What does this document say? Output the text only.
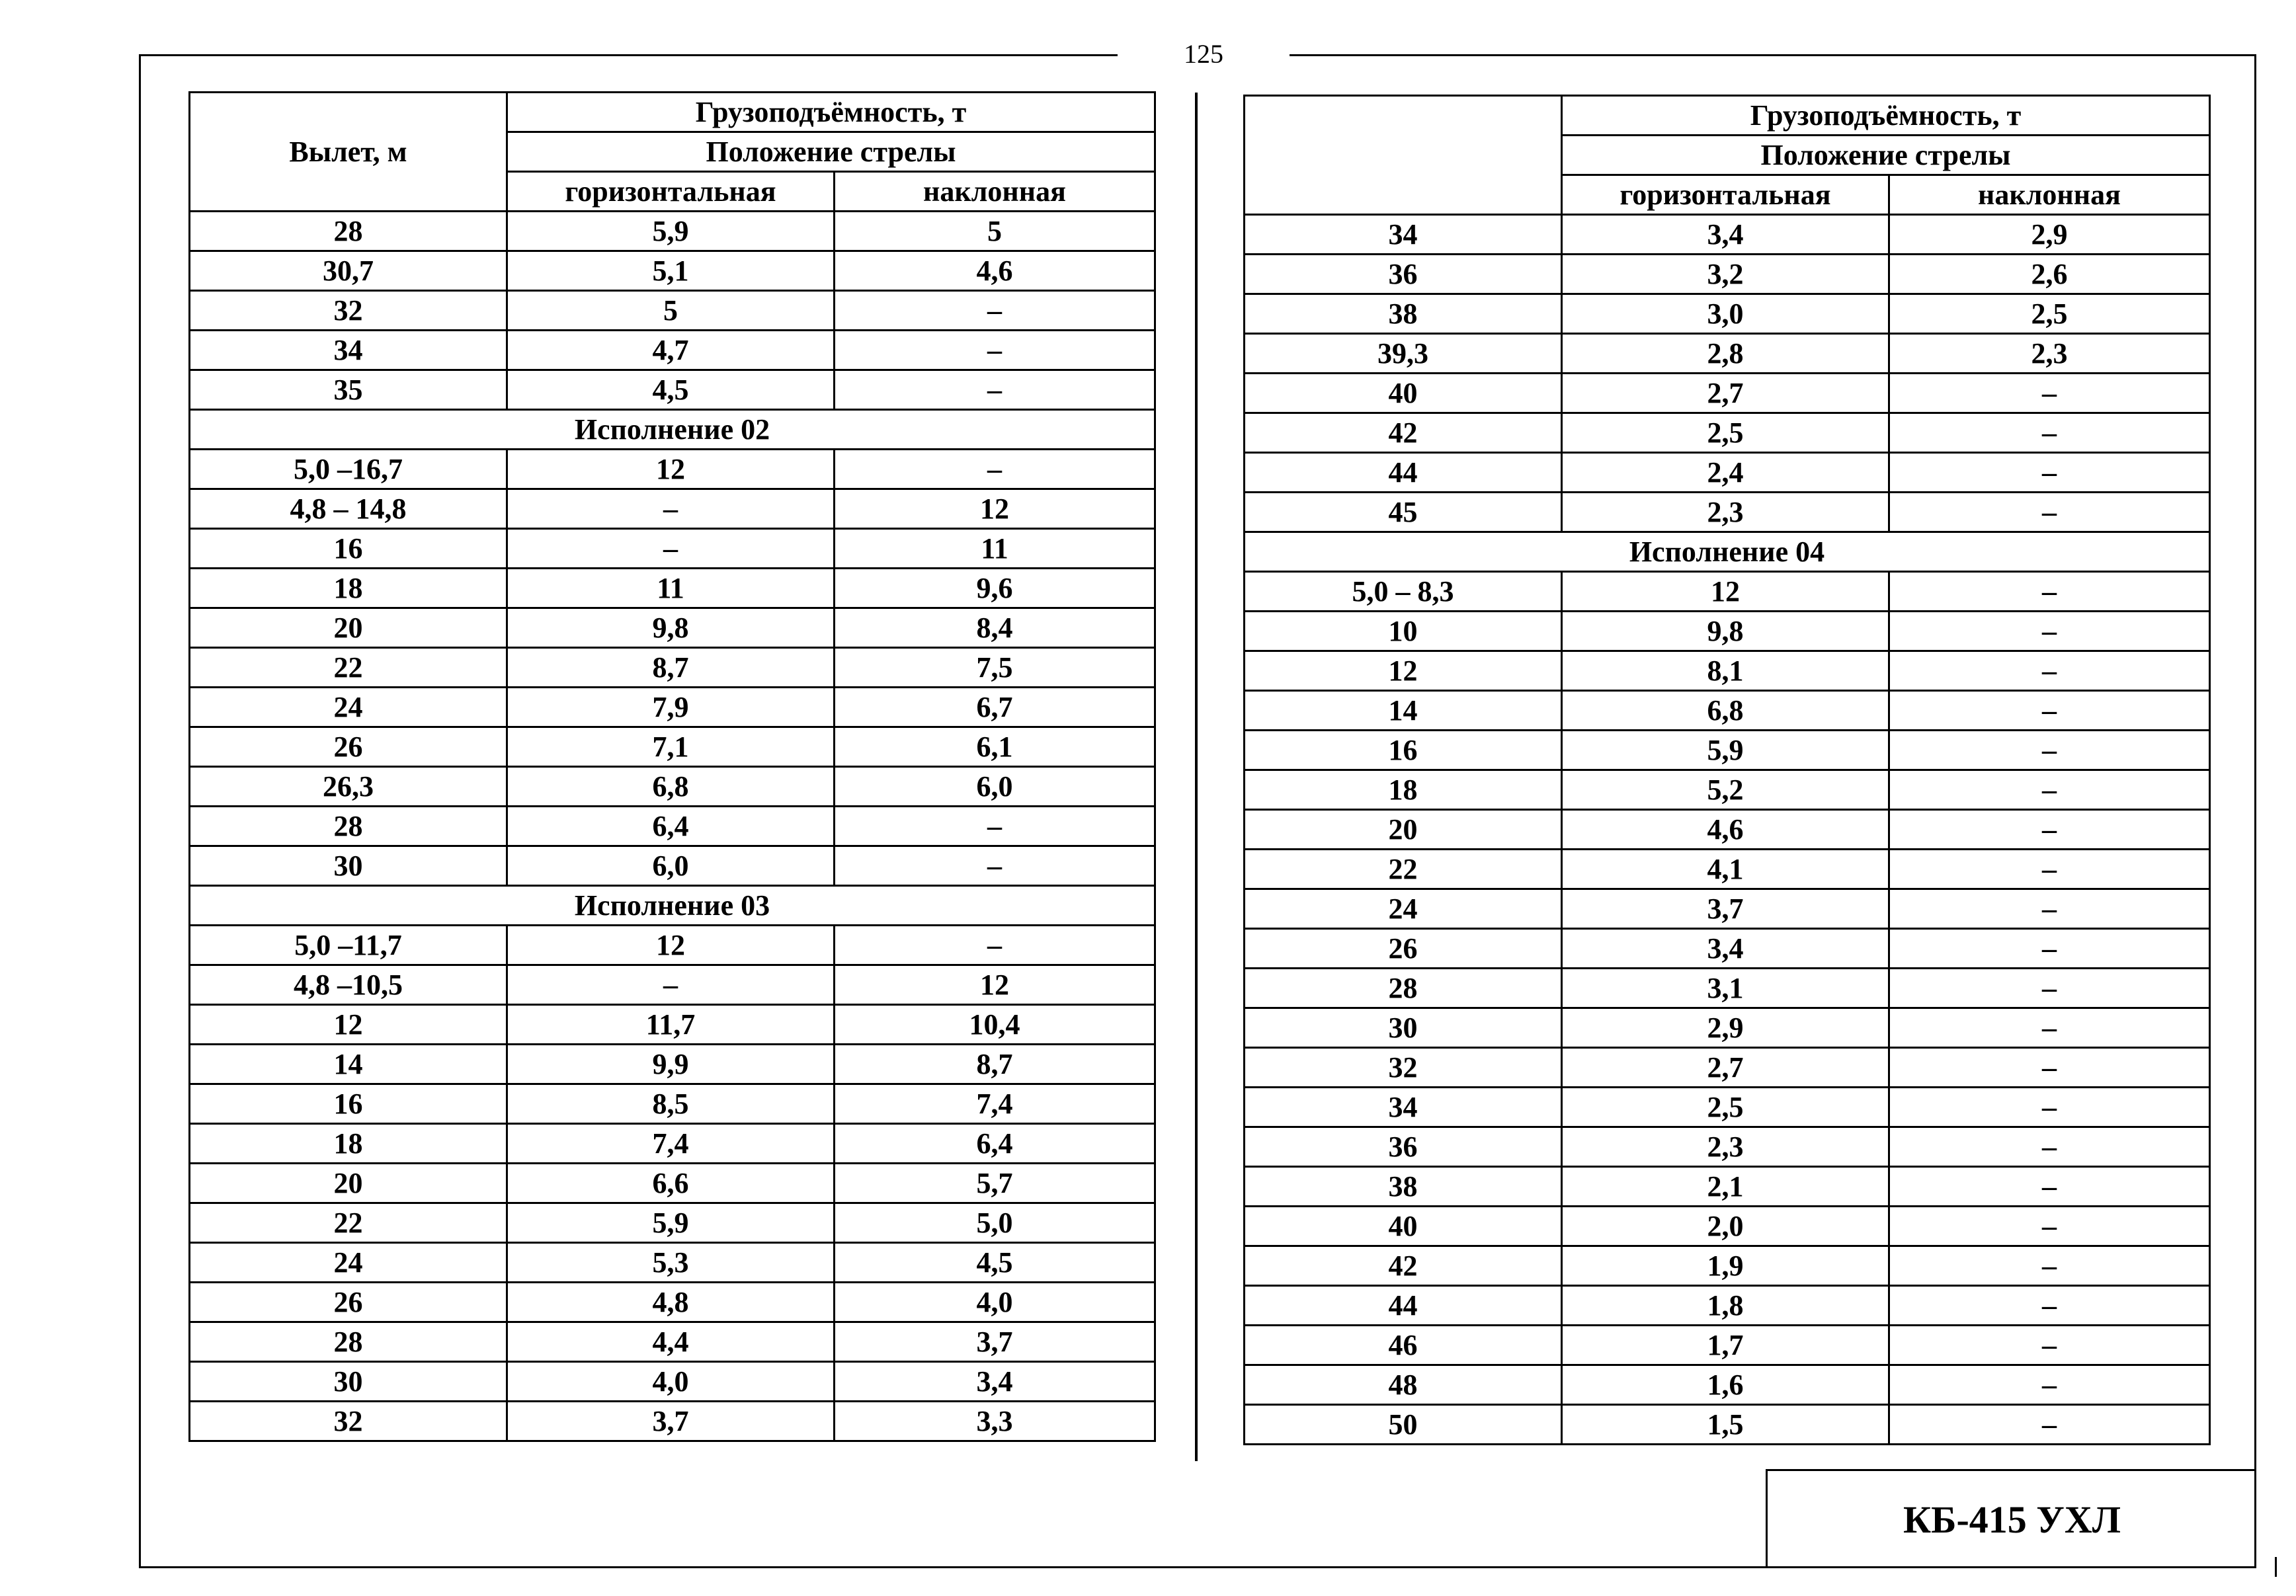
125
Вылет, м	Грузоподъёмность, т	
	Положение стрелы	
	горизонтальная	наклонная
28	5,9	5
30,7	5,1	4,6
32	5	–
34	4,7	–
35	4,5	–
Исполнение 02		
5,0 –16,7	12	–
4,8 – 14,8	–	12
16	–	11
18	11	9,6
20	9,8	8,4
22	8,7	7,5
24	7,9	6,7
26	7,1	6,1
26,3	6,8	6,0
28	6,4	–
30	6,0	–
Исполнение 03		
5,0 –11,7	12	–
4,8 –10,5	–	12
12	11,7	10,4
14	9,9	8,7
16	8,5	7,4
18	7,4	6,4
20	6,6	5,7
22	5,9	5,0
24	5,3	4,5
26	4,8	4,0
28	4,4	3,7
30	4,0	3,4
32	3,7	3,3
	Грузоподъёмность, т	
	Положение стрелы	
	горизонтальная	наклонная
34	3,4	2,9
36	3,2	2,6
38	3,0	2,5
39,3	2,8	2,3
40	2,7	–
42	2,5	–
44	2,4	–
45	2,3	–
Исполнение 04		
5,0 – 8,3	12	–
10	9,8	–
12	8,1	–
14	6,8	–
16	5,9	–
18	5,2	–
20	4,6	–
22	4,1	–
24	3,7	–
26	3,4	–
28	3,1	–
30	2,9	–
32	2,7	–
34	2,5	–
36	2,3	–
38	2,1	–
40	2,0	–
42	1,9	–
44	1,8	–
46	1,7	–
48	1,6	–
50	1,5	–
КБ-415 УХЛ
